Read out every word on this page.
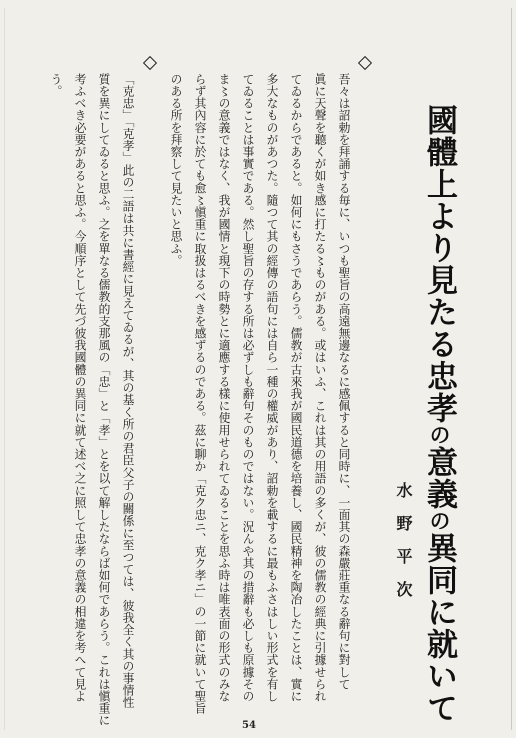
國體上より見たる忠孝の意義の異同に就いて
水野平次
吾々は詔勅を拜誦する毎に、いつも聖旨の高遠無邊なるに感佩すると同時に、一面其の森嚴莊重なる辭句に對して
眞に天聲を聽くが如き感に打たる〻ものがある。或はいふ、これは其の用語の多くが、彼の儒教の經典に引據せられ
てゐるからであると。如何にもさうであらう。儒教が古來我が國民道德を培養し、國民精神を陶冶したことは、實に
多大なものがあつた。隨つて其の經傳の語句には自ら一種の權威があり、詔勅を載するに最もふさはしい形式を有し
てゐることは事實である。然し聖旨の存する所は必ずしも辭句そのものではない。況んや其の措辭も必しも原據その
ま〻の意義ではなく、我が國情と現下の時勢とに適應する樣に使用せられてゐることを思ふ時は唯表面の形式のみな
らず其內容に於ても愈〻愼重に取扱はるべきを感ずるのである。茲に聊か「克ク忠ニ、克ク孝ニ」の一節に就いて聖旨
のある所を拜察して見たいと思ふ。
「克忠」「克孝」此の二語は共に書經に見えてゐるが、其の基く所の君臣父子の關係に至つては、彼我全く其の事情性
質を異にしてゐると思ふ。之を單なる儒教的支那風の「忠」と「孝」とを以て解したならば如何であらう。これは愼重に
考ふべき必要があると思ふ。今順序として先づ彼我國體の異同に就て述べ之に照して忠孝の意義の相違を考へて見よ
う。
54
